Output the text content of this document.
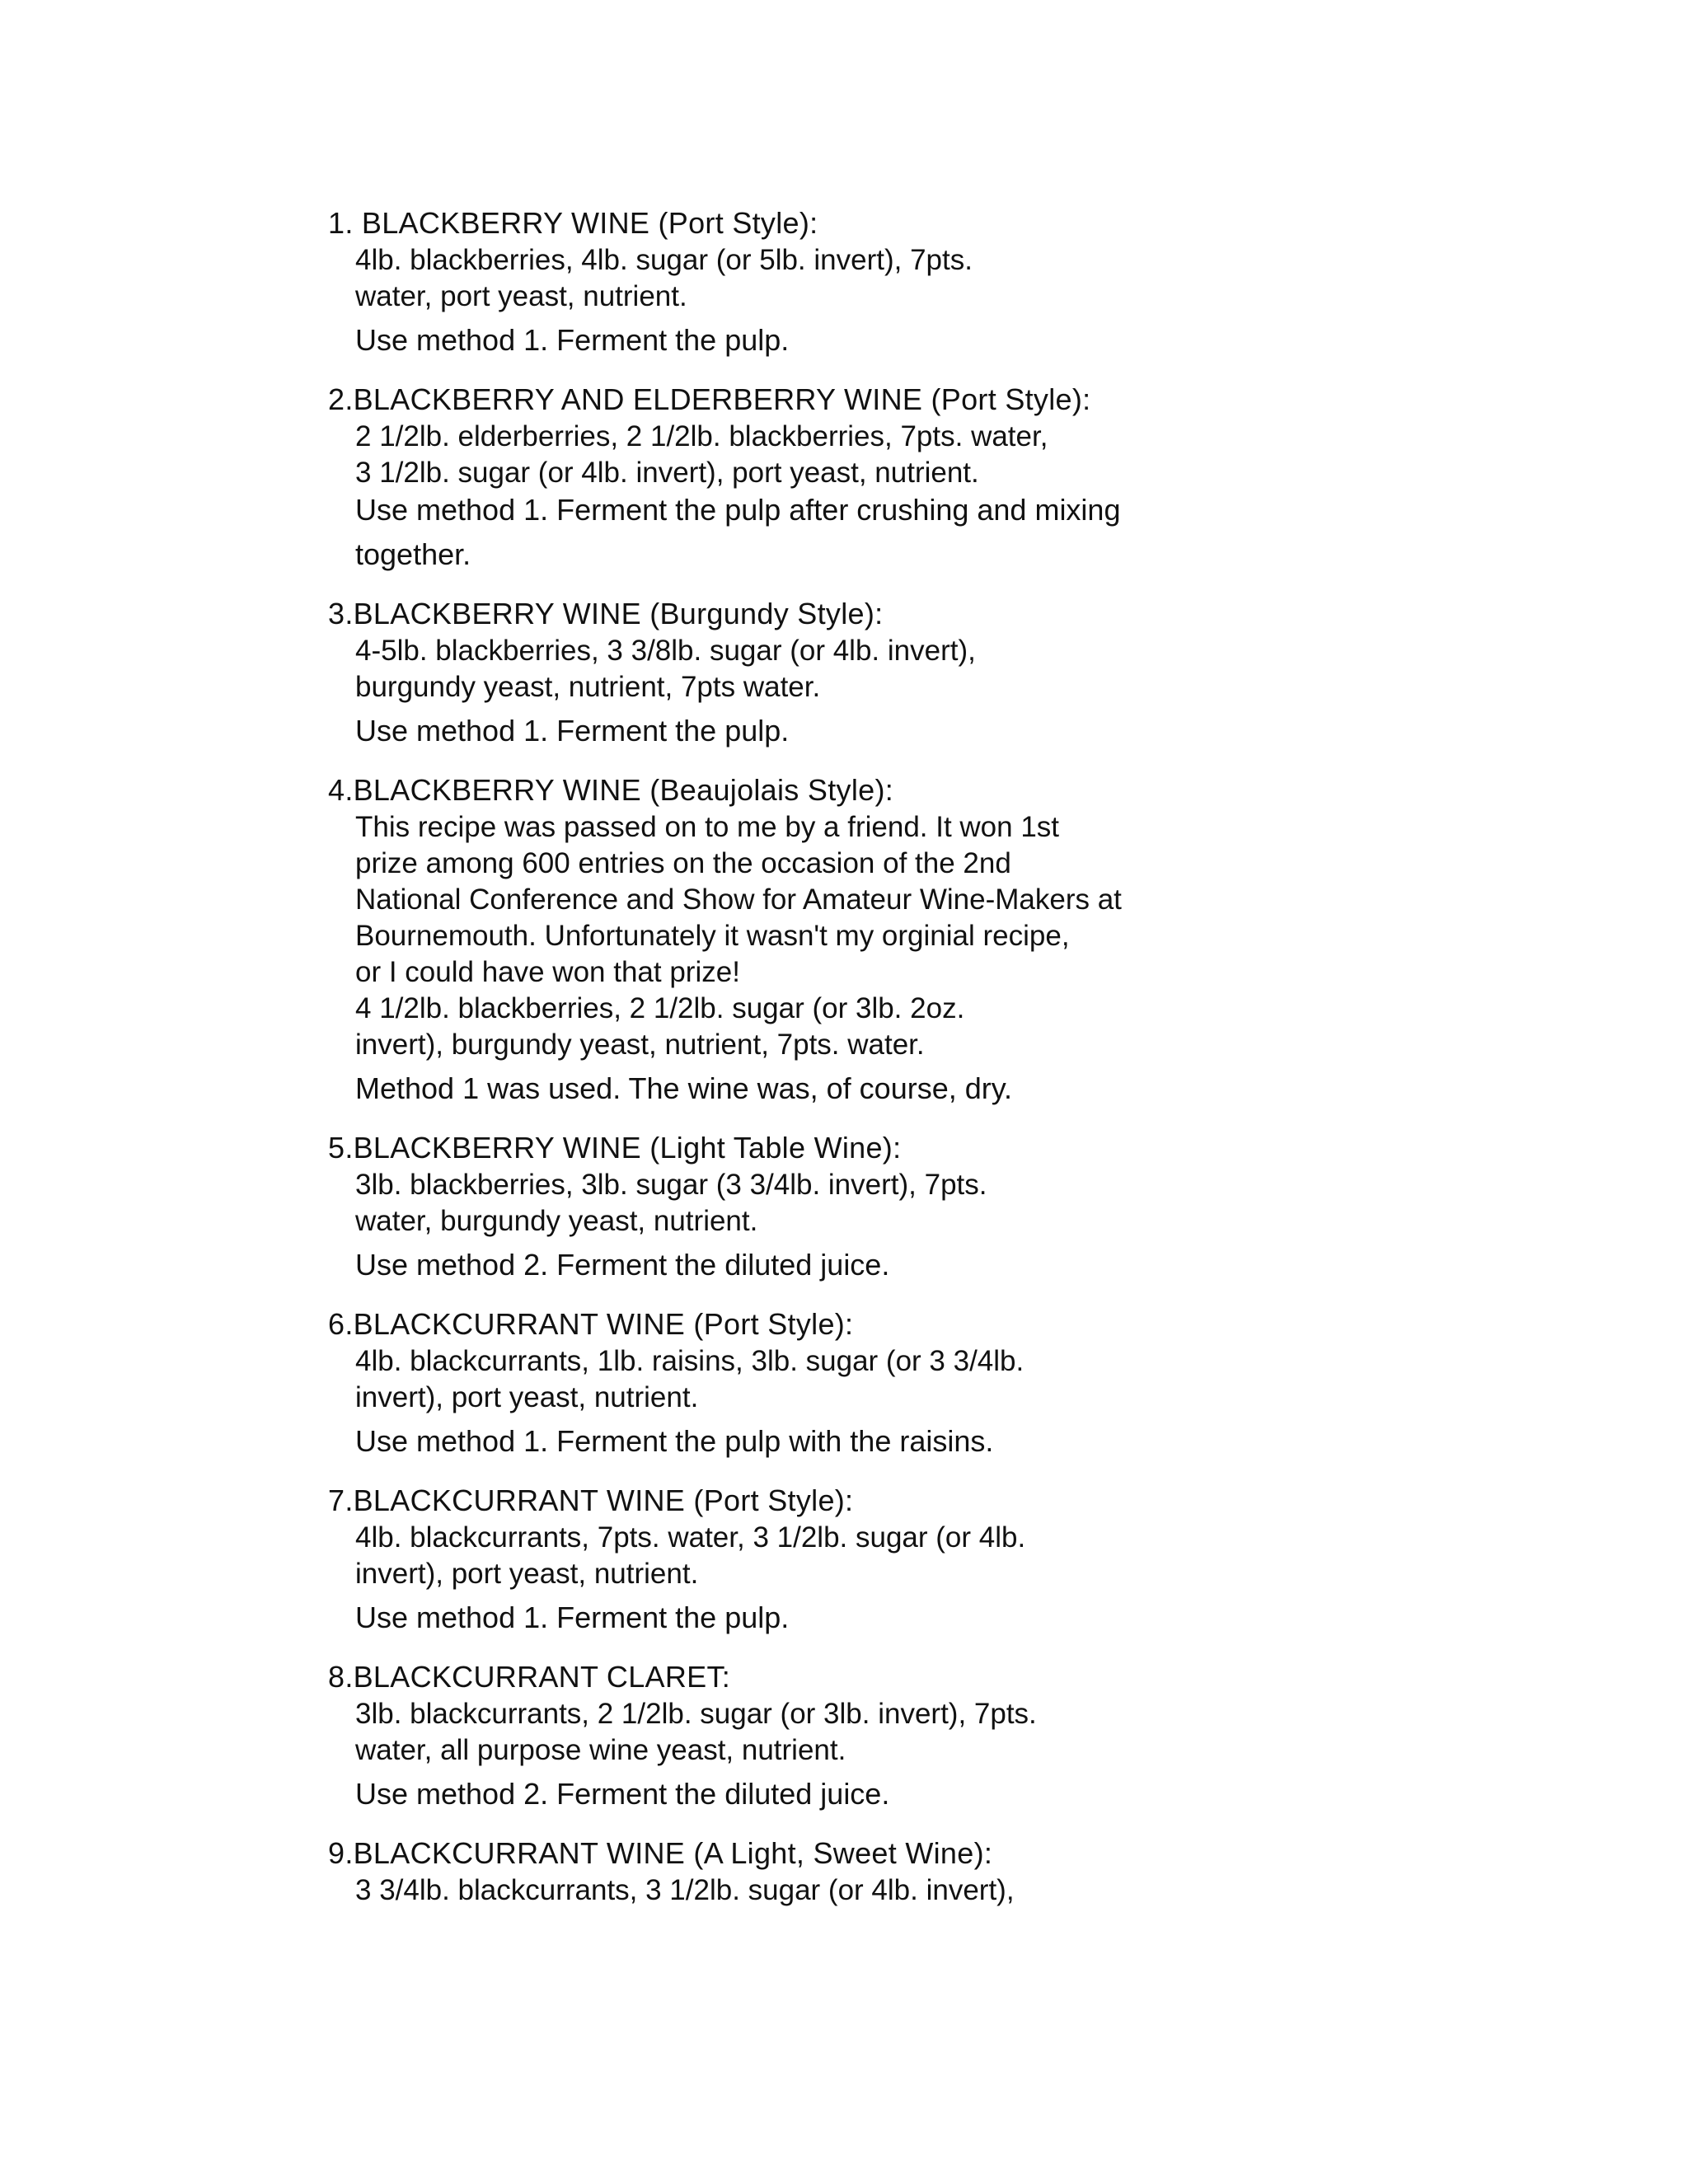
1. BLACKBERRY WINE (Port Style):
4lb. blackberries, 4lb. sugar (or 5lb. invert), 7pts.
water, port yeast, nutrient.
Use method 1. Ferment the pulp.
2.BLACKBERRY AND ELDERBERRY WINE (Port Style):
2 1/2lb. elderberries, 2 1/2lb. blackberries, 7pts. water,
3 1/2lb. sugar (or 4lb. invert), port yeast, nutrient.
Use method 1. Ferment the pulp after crushing and mixing
together.
3.BLACKBERRY WINE (Burgundy Style):
4-5lb. blackberries, 3 3/8lb. sugar (or 4lb. invert),
burgundy yeast, nutrient, 7pts water.
Use method 1. Ferment the pulp.
4.BLACKBERRY WINE (Beaujolais Style):
This recipe was passed on to me by a friend. It won 1st
prize among 600 entries on the occasion of the 2nd
National Conference and Show for Amateur Wine-Makers at
Bournemouth. Unfortunately it wasn't my orginial recipe,
or I could have won that prize!
4 1/2lb. blackberries, 2 1/2lb. sugar (or 3lb. 2oz.
invert), burgundy yeast, nutrient, 7pts. water.
Method 1 was used. The wine was, of course, dry.
5.BLACKBERRY WINE (Light Table Wine):
3lb. blackberries, 3lb. sugar (3 3/4lb. invert), 7pts.
water, burgundy yeast, nutrient.
Use method 2. Ferment the diluted juice.
6.BLACKCURRANT WINE (Port Style):
4lb. blackcurrants, 1lb. raisins, 3lb. sugar (or 3 3/4lb.
invert), port yeast, nutrient.
Use method 1. Ferment the pulp with the raisins.
7.BLACKCURRANT WINE (Port Style):
4lb. blackcurrants, 7pts. water, 3 1/2lb. sugar (or 4lb.
invert), port yeast, nutrient.
Use method 1. Ferment the pulp.
8.BLACKCURRANT CLARET:
3lb. blackcurrants, 2 1/2lb. sugar (or 3lb. invert), 7pts.
water, all purpose wine yeast, nutrient.
Use method 2. Ferment the diluted juice.
9.BLACKCURRANT WINE (A Light, Sweet Wine):
3 3/4lb. blackcurrants, 3 1/2lb. sugar (or 4lb. invert),
